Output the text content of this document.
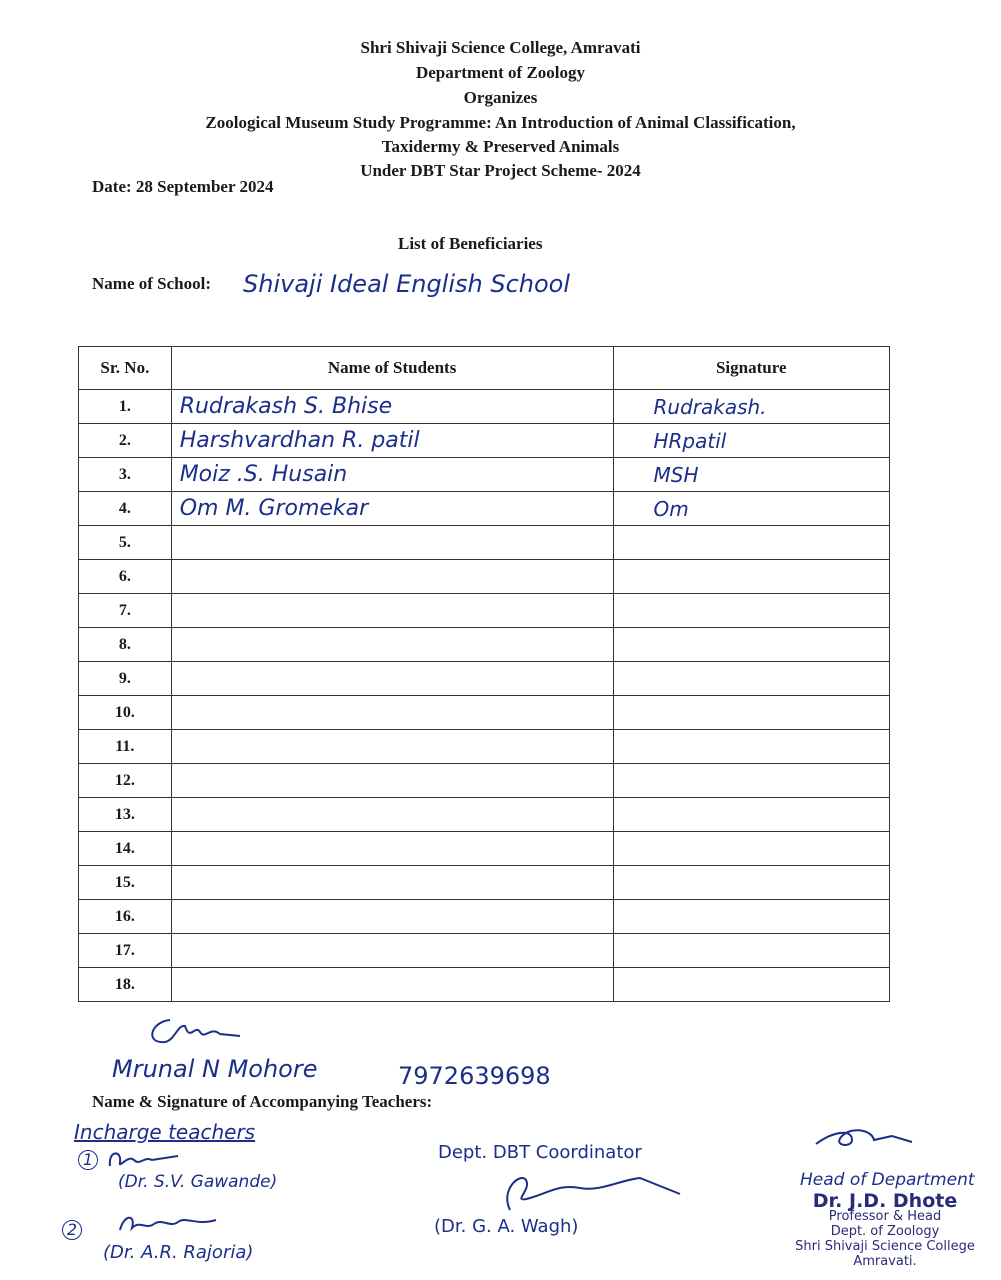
Shri Shivaji Science College, Amravati
Department of Zoology
Organizes
Zoological Museum Study Programme: An Introduction of Animal Classification,
Taxidermy & Preserved Animals
Under DBT Star Project Scheme- 2024
Date: 28 September 2024
List of Beneficiaries
Name of School: Shivaji Ideal English School
Sr. No.	Name of Students	Signature
1.	Rudrakash S. Bhise	Rudrakash.
2.	Harshvardhan R. patil	HRpatil
3.	Moiz .S. Husain	MSH
4.	Om M. Gromekar	Om
5.		
6.		
7.		
8.		
9.		
10.		
11.		
12.		
13.		
14.		
15.		
16.		
17.		
18.		
Mrunal N Mohore	7972639698
Name & Signature of Accompanying Teachers:
Incharge teachers
1
(Dr. S.V. Gawande)
2
(Dr. A.R. Rajoria)
Dept. DBT Coordinator
(Dr. G. A. Wagh)
Head of Department
Dr. J.D. Dhote
Professor & Head
Dept. of Zoology
Shri Shivaji Science College
Amravati.
